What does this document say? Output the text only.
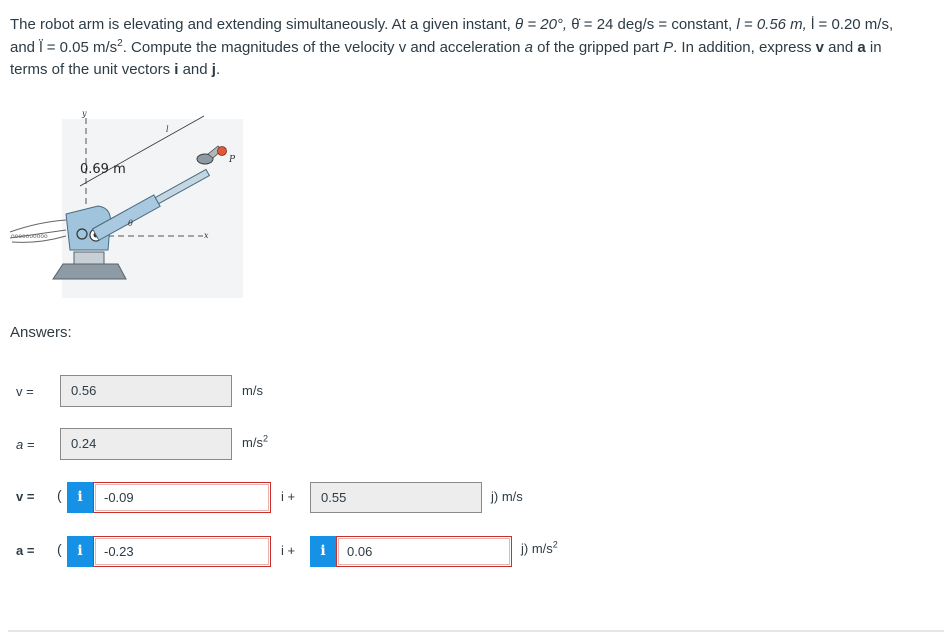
The robot arm is elevating and extending simultaneously. At a given instant, θ = 20°, θ̇ = 24 deg/s = constant, l = 0.56 m, l̇ = 0.20 m/s,
and l̈ = 0.05 $m/s^2$. Compute the magnitudes of the velocity v and acceleration a of the gripped part P. In addition, express v and a in
terms of the unit vectors i and j.
y
x
oooooooooo
l
0.69 m
P
θ
Answers:
v =	0.56	m/s
a =	0.24	$m/s^2$
v = (	i	-0.09	i +	0.55	j) m/s
a = (	i	-0.23	i +	i	0.06	j) $m/s^2$
